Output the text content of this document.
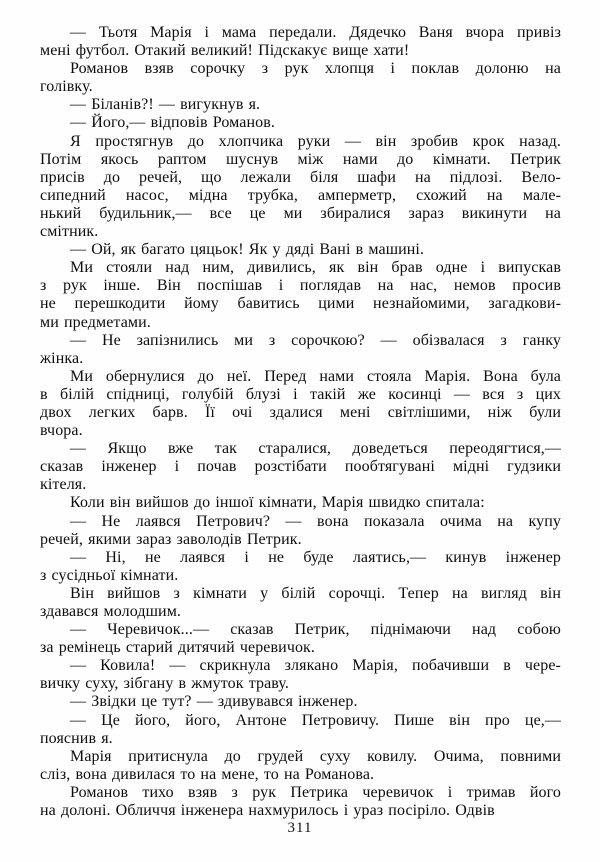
— Тьотя Марія і мама передали. Дядечко Ваня вчора привіз
мені футбол. Отакий великий! Підскакує вище хати!
Романов взяв сорочку з рук хлопця і поклав долоню на
голівку.
— Біланів?! — вигукнув я.
— Його,— відповів Романов.
Я простягнув до хлопчика руки — він зробив крок назад.
Потім якось раптом шуснув між нами до кімнати. Петрик
присів до речей, що лежали біля шафи на підлозі. Вело-
сипедний насос, мідна трубка, амперметр, схожий на мале-
нький будильник,— все це ми збиралися зараз викинути на
смітник.
— Ой, як багато цяцьок! Як у дяді Вані в машині.
Ми стояли над ним, дивились, як він брав одне і випускав
з рук інше. Він поспішав і поглядав на нас, немов просив
не перешкодити йому бавитись цими незнайомими, загадкови-
ми предметами.
— Не запізнились ми з сорочкою? — обізвалася з ганку
жінка.
Ми обернулися до неї. Перед нами стояла Марія. Вона була
в білій спідниці, голубій блузі і такій же косинці — вся з цих
двох легких барв. Її очі здалися мені світлішими, ніж були
вчора.
— Якщо вже так старалися, доведеться переодягтися,—
сказав інженер і почав розстібати пообтягувані мідні гудзики
кітеля.
Коли він вийшов до іншої кімнати, Марія швидко спитала:
— Не лаявся Петрович? — вона показала очима на купу
речей, якими зараз заволодів Петрик.
— Ні, не лаявся і не буде лаятись,— кинув інженер
з сусідньої кімнати.
Він вийшов з кімнати у білій сорочці. Тепер на вигляд він
здавався молодшим.
— Черевичок...— сказав Петрик, піднімаючи над собою
за ремінець старий дитячий черевичок.
— Ковила! — скрикнула злякано Марія, побачивши в чере-
вичку суху, зібгану в жмуток траву.
— Звідки це тут? — здивувався інженер.
— Це його, його, Антоне Петровичу. Пише він про це,—
пояснив я.
Марія притиснула до грудей суху ковилу. Очима, повними
сліз, вона дивилася то на мене, то на Романова.
Романов тихо взяв з рук Петрика черевичок і тримав його
на долоні. Обличчя інженера нахмурилось і ураз посіріло. Одвів
311
